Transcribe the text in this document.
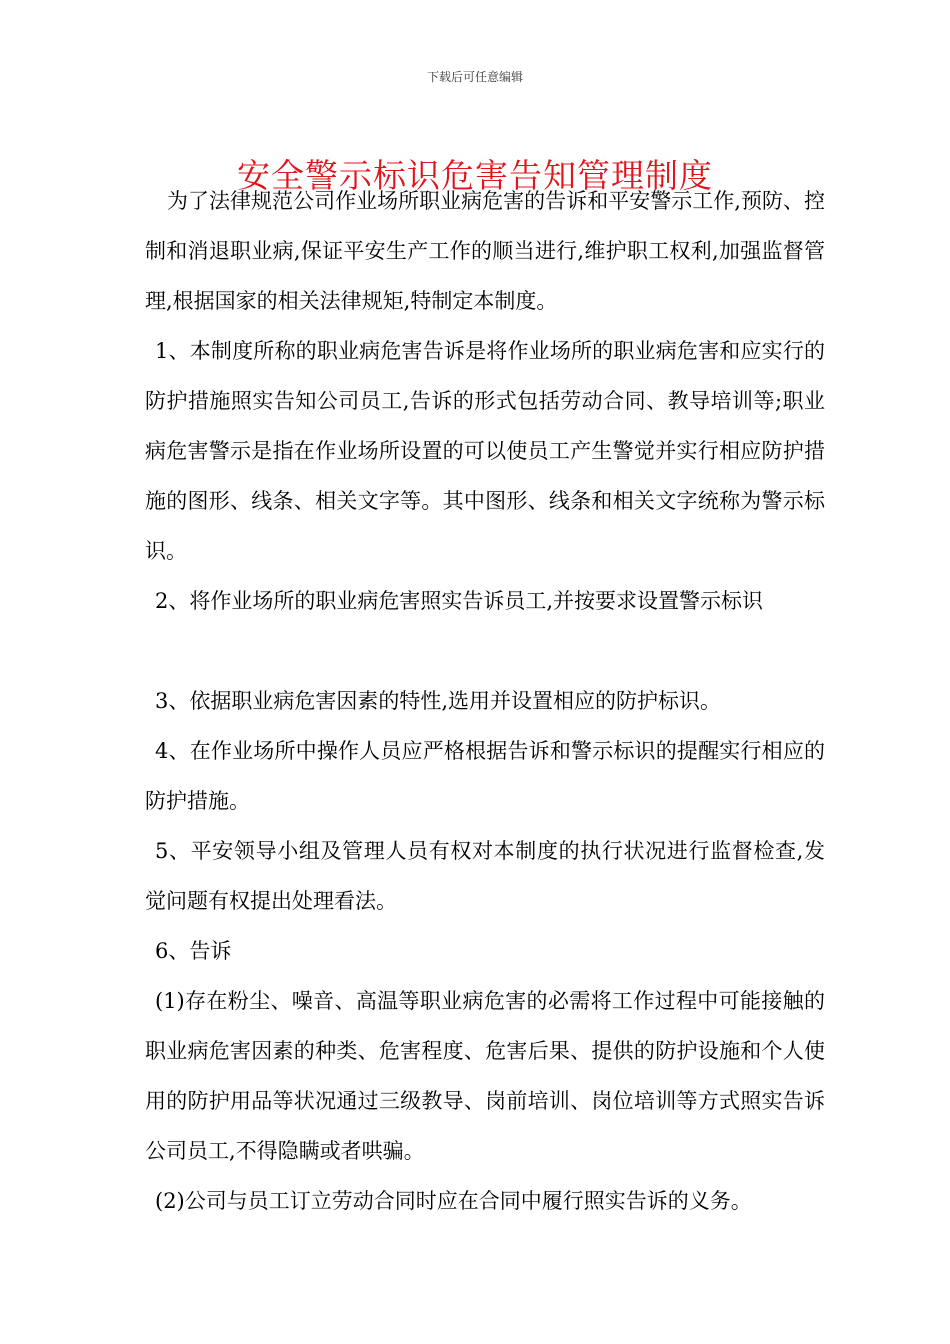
下载后可任意编辑
安全警示标识危害告知管理制度

为了法律规范公司作业场所职业病危害的告诉和平安警示工作,预防、控制和消退职业病,保证平安生产工作的顺当进行,维护职工权利,加强监督管理,根据国家的相关法律规矩,特制定本制度。

1、本制度所称的职业病危害告诉是将作业场所的职业病危害和应实行的防护措施照实告知公司员工,告诉的形式包括劳动合同、教导培训等;职业病危害警示是指在作业场所设置的可以使员工产生警觉并实行相应防护措施的图形、线条、相关文字等。其中图形、线条和相关文字统称为警示标识。

2、将作业场所的职业病危害照实告诉员工,并按要求设置警示标识

3、依据职业病危害因素的特性,选用并设置相应的防护标识。

4、在作业场所中操作人员应严格根据告诉和警示标识的提醒实行相应的防护措施。

5、平安领导小组及管理人员有权对本制度的执行状况进行监督检查,发觉问题有权提出处理看法。

6、告诉

(1)存在粉尘、噪音、高温等职业病危害的必需将工作过程中可能接触的职业病危害因素的种类、危害程度、危害后果、提供的防护设施和个人使用的防护用品等状况通过三级教导、岗前培训、岗位培训等方式照实告诉公司员工,不得隐瞒或者哄骗。

(2)公司与员工订立劳动合同时应在合同中履行照实告诉的义务。
